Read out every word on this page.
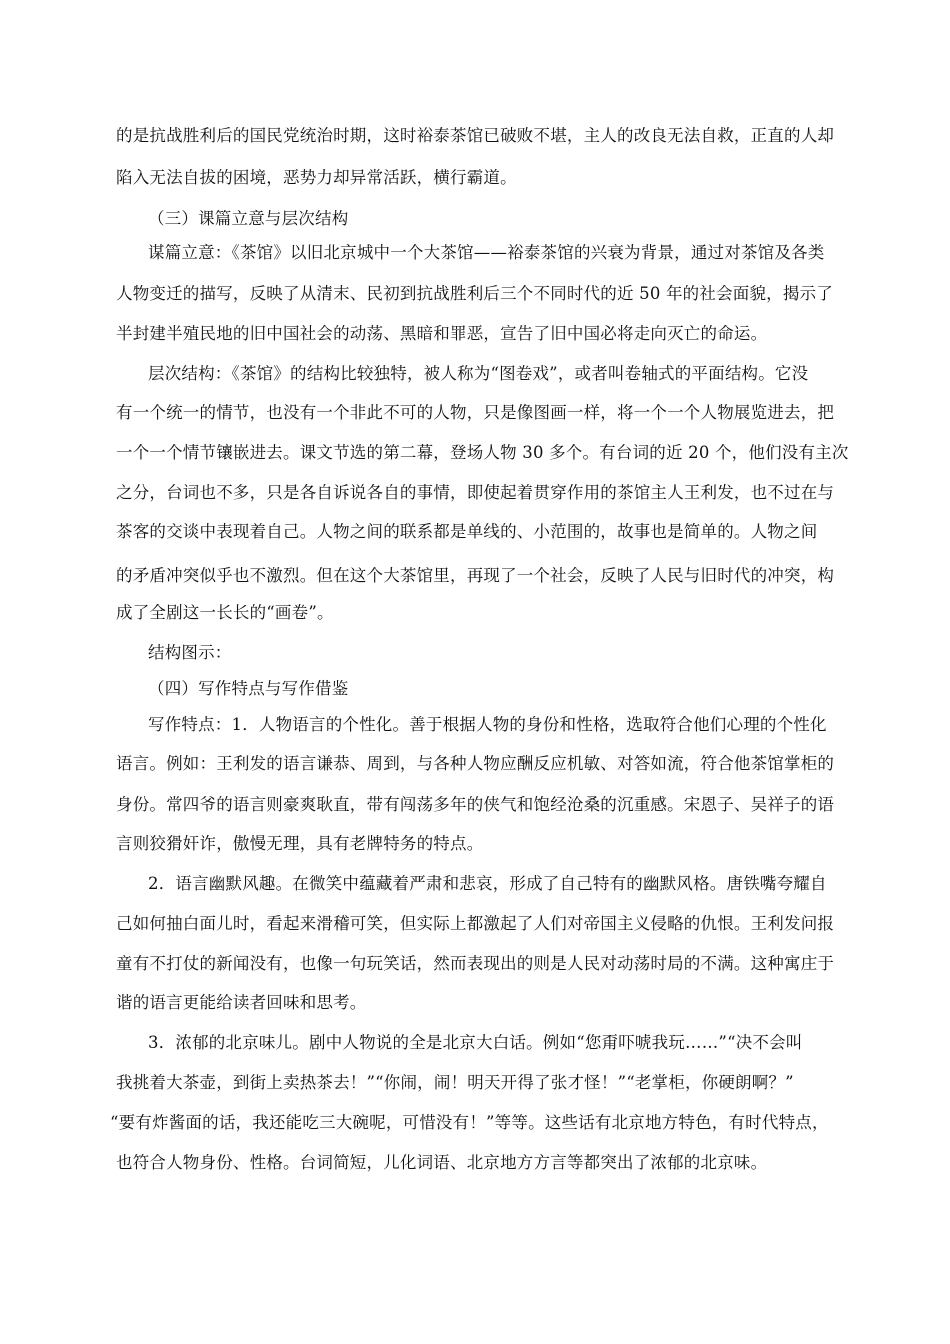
的是抗战胜利后的国民党统治时期，这时裕泰茶馆已破败不堪，主人的改良无法自救，正直的人却
陷入无法自拔的困境，恶势力却异常活跃，横行霸道。
（三）课篇立意与层次结构
谋篇立意：《茶馆》以旧北京城中一个大茶馆——裕泰茶馆的兴衰为背景，通过对茶馆及各类
人物变迁的描写，反映了从清末、民初到抗战胜利后三个不同时代的近 50 年的社会面貌，揭示了
半封建半殖民地的旧中国社会的动荡、黑暗和罪恶，宣告了旧中国必将走向灭亡的命运。
层次结构：《茶馆》的结构比较独特，被人称为“图卷戏”，或者叫卷轴式的平面结构。它没
有一个统一的情节，也没有一个非此不可的人物，只是像图画一样，将一个一个人物展览进去，把
一个一个情节镶嵌进去。课文节选的第二幕，登场人物 30 多个。有台词的近 20 个，他们没有主次
之分，台词也不多，只是各自诉说各自的事情，即使起着贯穿作用的茶馆主人王利发，也不过在与
茶客的交谈中表现着自己。人物之间的联系都是单线的、小范围的，故事也是简单的。人物之间
的矛盾冲突似乎也不激烈。但在这个大茶馆里，再现了一个社会，反映了人民与旧时代的冲突，构
成了全剧这一长长的“画卷”。
结构图示：
（四）写作特点与写作借鉴
写作特点：1．人物语言的个性化。善于根据人物的身份和性格，选取符合他们心理的个性化
语言。例如：王利发的语言谦恭、周到，与各种人物应酬反应机敏、对答如流，符合他茶馆掌柜的
身份。常四爷的语言则豪爽耿直，带有闯荡多年的侠气和饱经沧桑的沉重感。宋恩子、吴祥子的语
言则狡猾奸诈，傲慢无理，具有老牌特务的特点。
2．语言幽默风趣。在微笑中蕴藏着严肃和悲哀，形成了自己特有的幽默风格。唐铁嘴夸耀自
己如何抽白面儿时，看起来滑稽可笑，但实际上都激起了人们对帝国主义侵略的仇恨。王利发问报
童有不打仗的新闻没有，也像一句玩笑话，然而表现出的则是人民对动荡时局的不满。这种寓庄于
谐的语言更能给读者回味和思考。
3．浓郁的北京味儿。剧中人物说的全是北京大白话。例如“您甭吓唬我玩……”“决不会叫
我挑着大茶壶，到街上卖热茶去！”“你闹，闹！明天开得了张才怪！”“老掌柜，你硬朗啊？”
“要有炸酱面的话，我还能吃三大碗呢，可惜没有！”等等。这些话有北京地方特色，有时代特点，
也符合人物身份、性格。台词简短，儿化词语、北京地方方言等都突出了浓郁的北京味。
